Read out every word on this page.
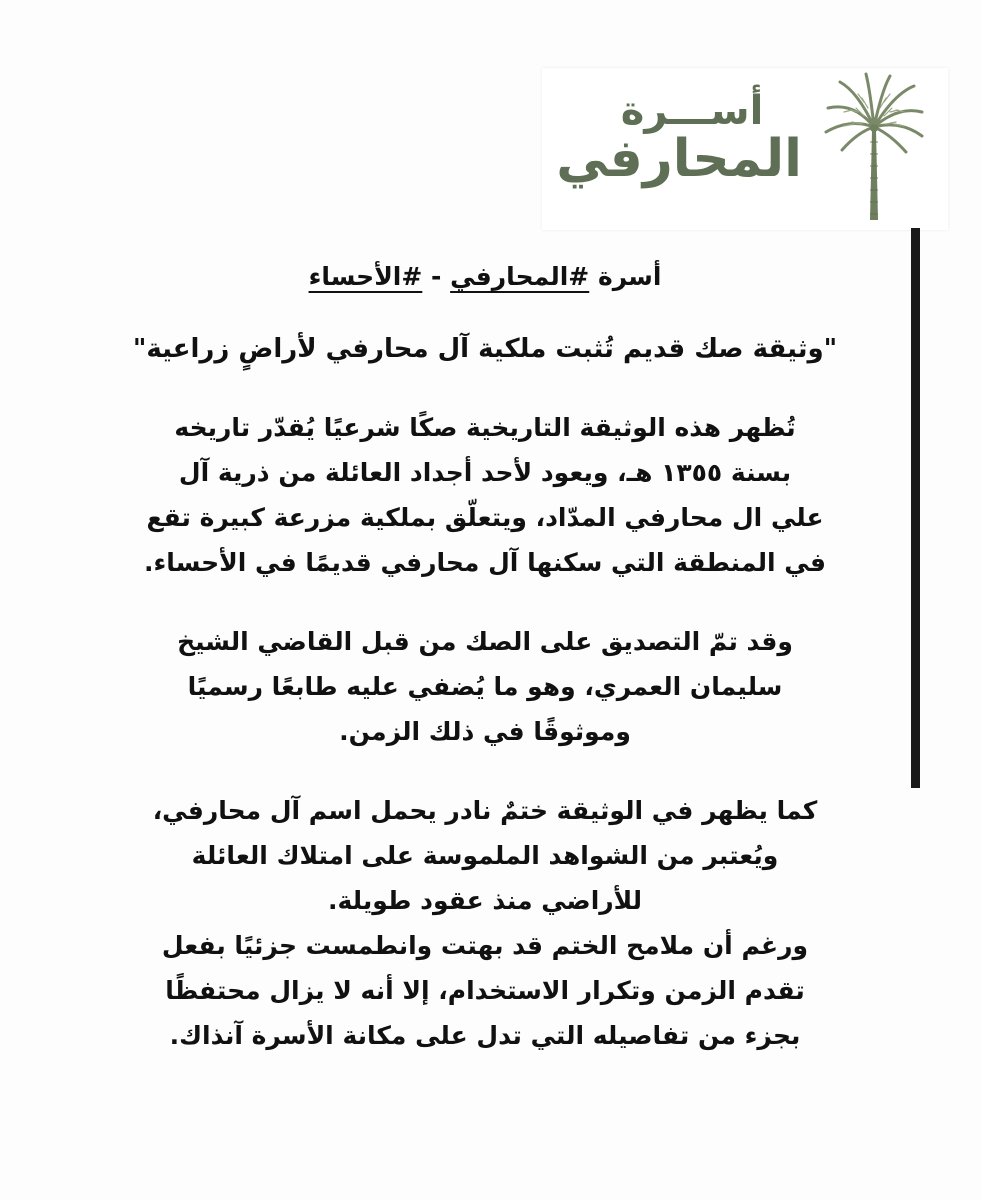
أســـرة
المحارفي

أسرة #المحارفي - #الأحساء

"وثيقة صك قديم تُثبت ملكية آل محارفي لأراضٍ زراعية"

تُظهر هذه الوثيقة التاريخية صكًا شرعيًا يُقدّر تاريخه
بسنة ١٣٥٥ هـ، ويعود لأحد أجداد العائلة من ذرية آل
علي ال محارفي المدّاد، ويتعلّق بملكية مزرعة كبيرة تقع
في المنطقة التي سكنها آل محارفي قديمًا في الأحساء.

وقد تمّ التصديق على الصك من قبل القاضي الشيخ
سليمان العمري، وهو ما يُضفي عليه طابعًا رسميًا
وموثوقًا في ذلك الزمن.

كما يظهر في الوثيقة ختمٌ نادر يحمل اسم آل محارفي،
ويُعتبر من الشواهد الملموسة على امتلاك العائلة
للأراضي منذ عقود طويلة.

ورغم أن ملامح الختم قد بهتت وانطمست جزئيًا بفعل
تقدم الزمن وتكرار الاستخدام، إلا أنه لا يزال محتفظًا
بجزء من تفاصيله التي تدل على مكانة الأسرة آنذاك.
